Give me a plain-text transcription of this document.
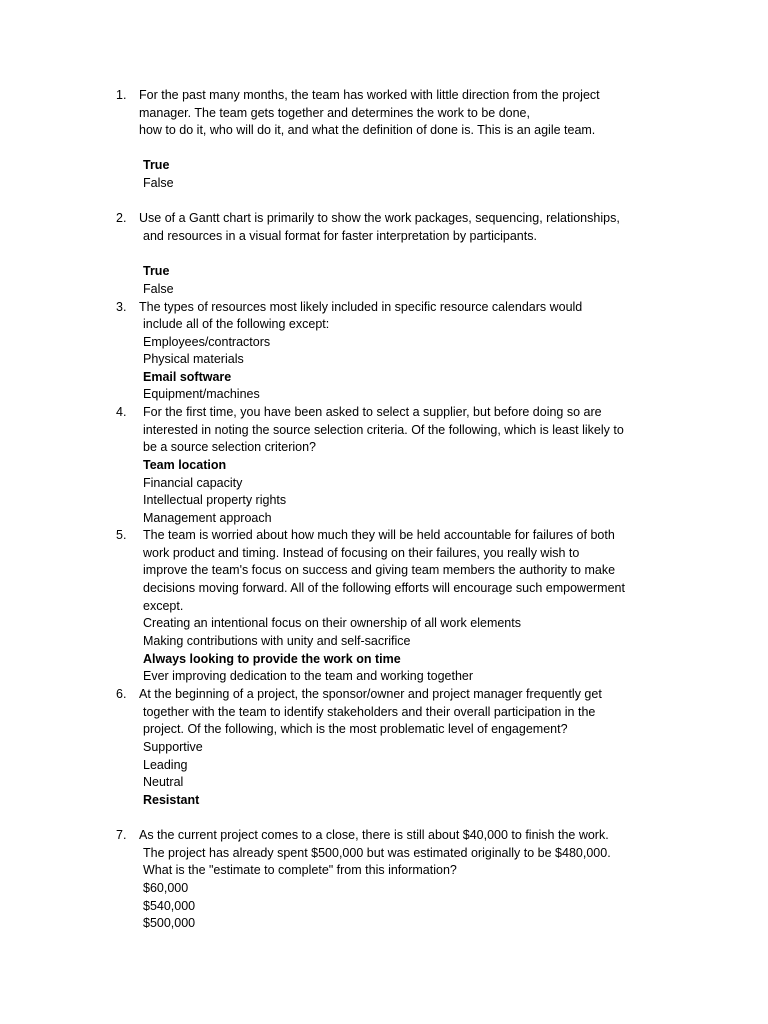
1. For the past many months, the team has worked with little direction from the project
manager. The team gets together and determines the work to be done,
how to do it, who will do it, and what the definition of done is. This is an agile team.
True
False
2. Use of a Gantt chart is primarily to show the work packages, sequencing, relationships,
and resources in a visual format for faster interpretation by participants.
True
False
3. The types of resources most likely included in specific resource calendars would
include all of the following except:
Employees/contractors
Physical materials
Email software
Equipment/machines
4. For the first time, you have been asked to select a supplier, but before doing so are
interested in noting the source selection criteria. Of the following, which is least likely to
be a source selection criterion?
Team location
Financial capacity
Intellectual property rights
Management approach
5. The team is worried about how much they will be held accountable for failures of both
work product and timing. Instead of focusing on their failures, you really wish to
improve the team's focus on success and giving team members the authority to make
decisions moving forward. All of the following efforts will encourage such empowerment
except.
Creating an intentional focus on their ownership of all work elements
Making contributions with unity and self-sacrifice
Always looking to provide the work on time
Ever improving dedication to the team and working together
6. At the beginning of a project, the sponsor/owner and project manager frequently get
together with the team to identify stakeholders and their overall participation in the
project. Of the following, which is the most problematic level of engagement?
Supportive
Leading
Neutral
Resistant
7. As the current project comes to a close, there is still about $40,000 to finish the work.
The project has already spent $500,000 but was estimated originally to be $480,000.
What is the "estimate to complete" from this information?
$60,000
$540,000
$500,000
